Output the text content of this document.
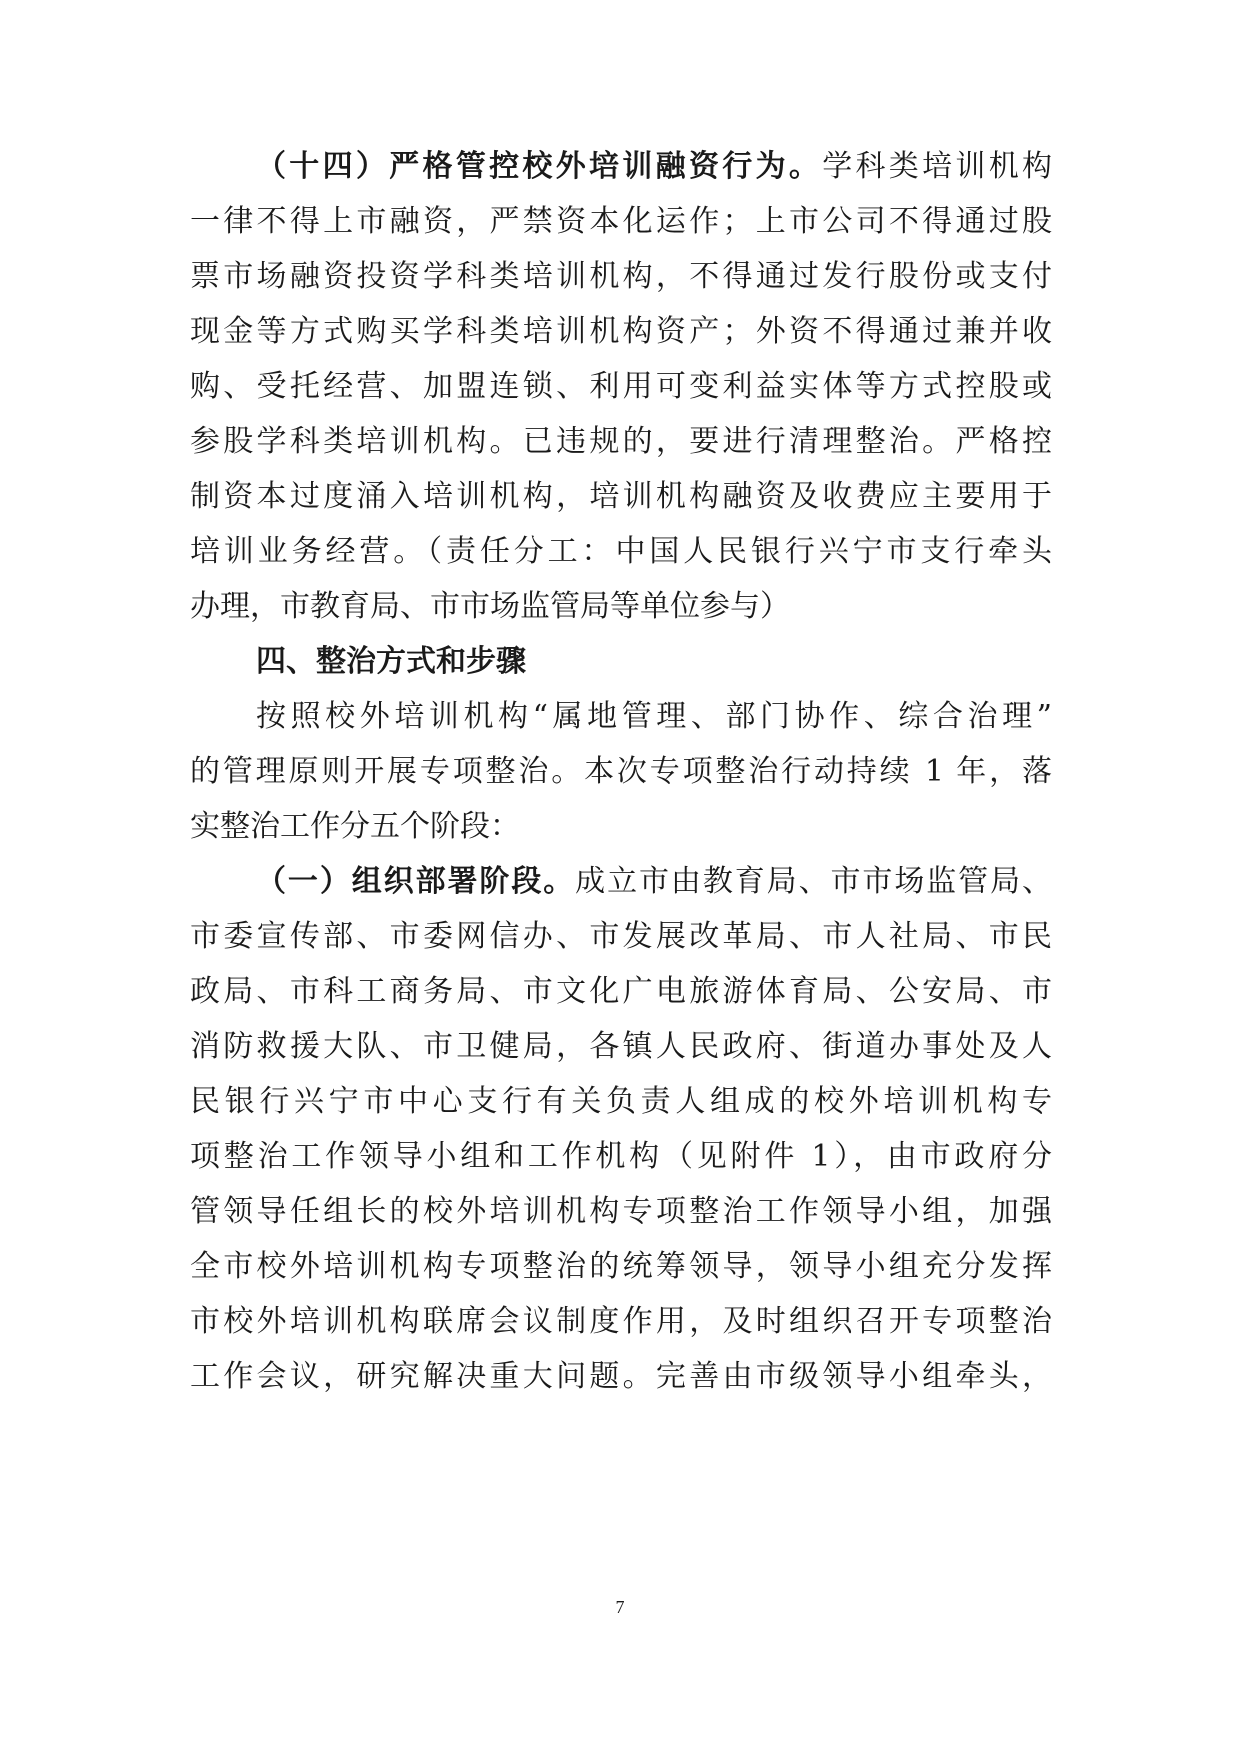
（十四）严格管控校外培训融资行为。学科类培训机构
一律不得上市融资，严禁资本化运作；上市公司不得通过股
票市场融资投资学科类培训机构，不得通过发行股份或支付
现金等方式购买学科类培训机构资产；外资不得通过兼并收
购、受托经营、加盟连锁、利用可变利益实体等方式控股或
参股学科类培训机构。已违规的，要进行清理整治。严格控
制资本过度涌入培训机构，培训机构融资及收费应主要用于
培训业务经营。（责任分工：中国人民银行兴宁市支行牵头
办理，市教育局、市市场监管局等单位参与）
四、整治方式和步骤
按照校外培训机构“属地管理、部门协作、综合治理”
的管理原则开展专项整治。本次专项整治行动持续 1 年，落
实整治工作分五个阶段：
（一）组织部署阶段。成立市由教育局、市市场监管局、
市委宣传部、市委网信办、市发展改革局、市人社局、市民
政局、市科工商务局、市文化广电旅游体育局、公安局、市
消防救援大队、市卫健局，各镇人民政府、街道办事处及人
民银行兴宁市中心支行有关负责人组成的校外培训机构专
项整治工作领导小组和工作机构（见附件 1），由市政府分
管领导任组长的校外培训机构专项整治工作领导小组，加强
全市校外培训机构专项整治的统筹领导，领导小组充分发挥
市校外培训机构联席会议制度作用，及时组织召开专项整治
工作会议，研究解决重大问题。完善由市级领导小组牵头，
7
